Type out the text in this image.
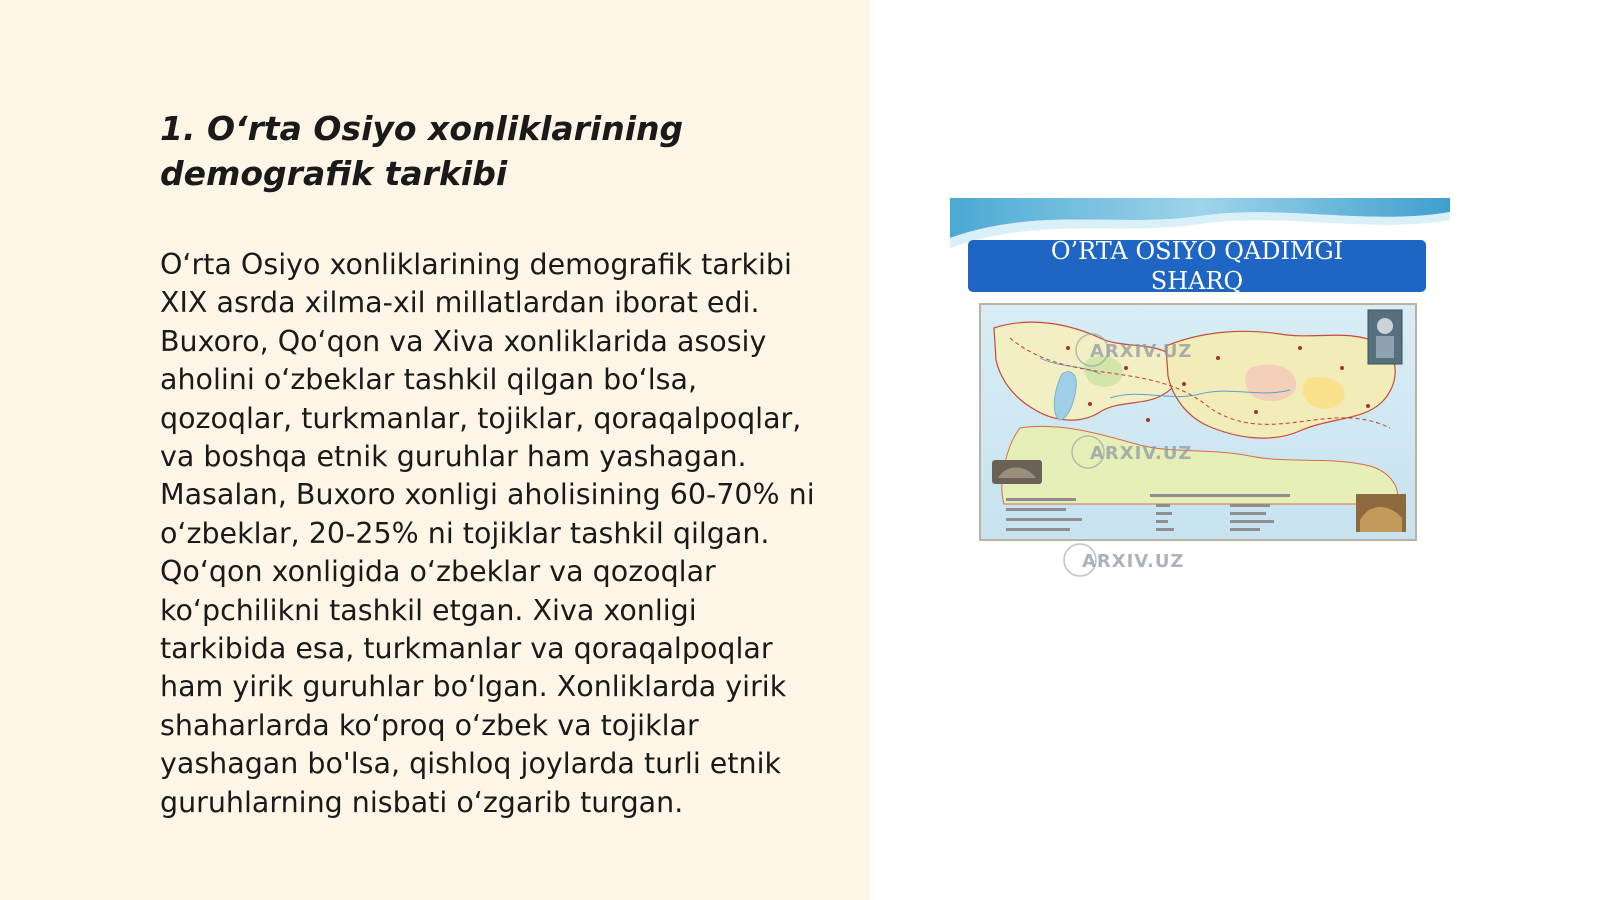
1. O‘rta Osiyo xonliklarining demografik tarkibi

O‘rta Osiyo xonliklarining demografik tarkibi XIX asrda xilma-xil millatlardan iborat edi. Buxoro, Qo‘qon va Xiva xonliklarida asosiy aholini o‘zbeklar tashkil qilgan bo‘lsa, qozoqlar, turkmanlar, tojiklar, qoraqalpoqlar, va boshqa etnik guruhlar ham yashagan. Masalan, Buxoro xonligi aholisining 60-70% ni o‘zbeklar, 20-25% ni tojiklar tashkil qilgan. Qo‘qon xonligida o‘zbeklar va qozoqlar ko‘pchilikni tashkil etgan. Xiva xonligi tarkibida esa, turkmanlar va qoraqalpoqlar ham yirik guruhlar bo‘lgan. Xonliklarda yirik shaharlarda ko‘proq o‘zbek va tojiklar yashagan bo'lsa, qishloq joylarda turli etnik guruhlarning nisbati o‘zgarib turgan.

O’RTA OSIYO QADIMGI
SHARQ
ARXIV.UZ
ARXIV.UZ
ARXIV.UZ
